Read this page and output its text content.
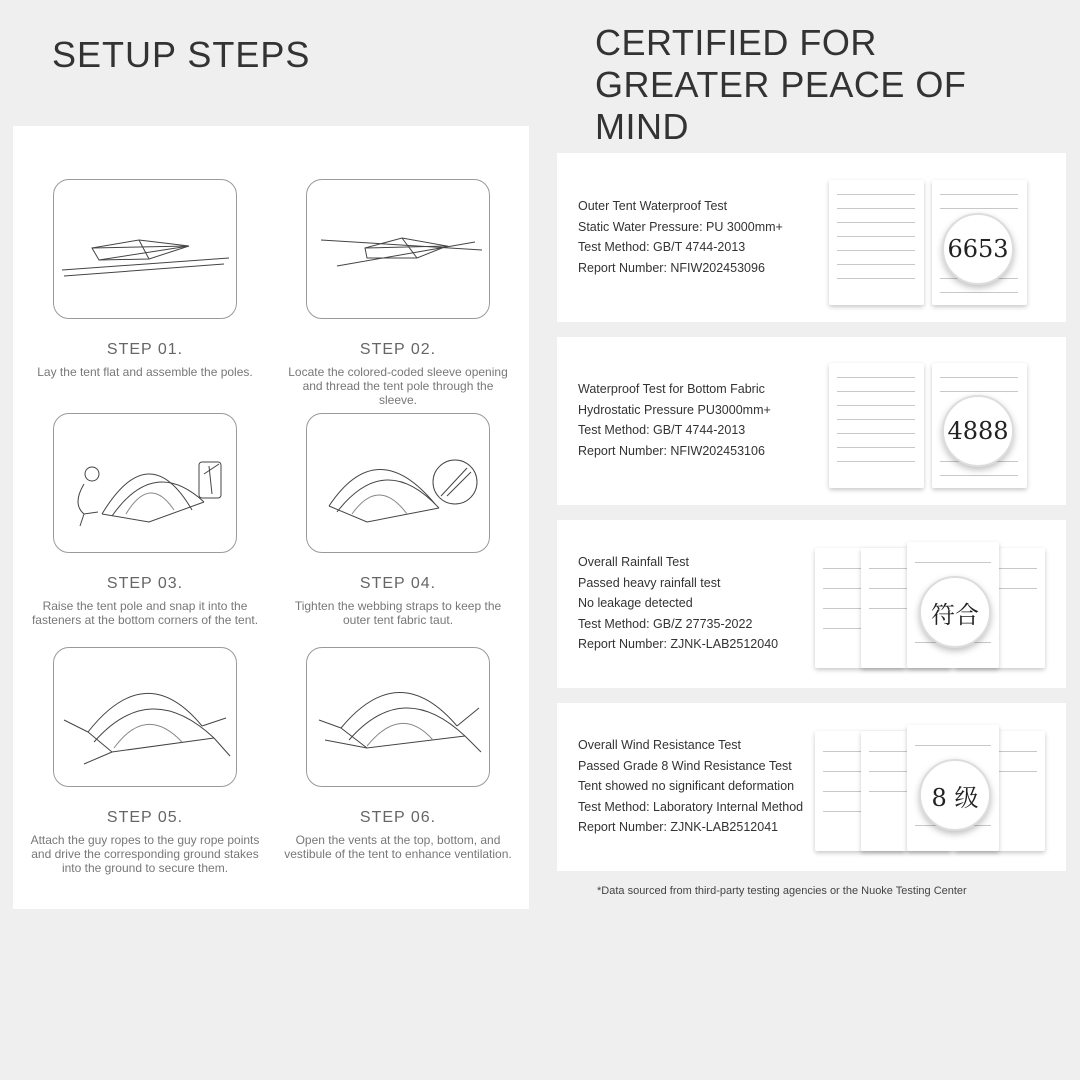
SETUP STEPS	CERTIFIED FOR GREATER PEACE OF MIND
STEP 01.
Lay the tent flat and assemble the poles.
STEP 02.
Locate the colored-coded sleeve opening and thread the tent pole through the sleeve.
STEP 03.
Raise the tent pole and snap it into the fasteners at the bottom corners of the tent.
STEP 04.
Tighten the webbing straps to keep the outer tent fabric taut.
STEP 05.
Attach the guy ropes to the guy rope points and drive the corresponding ground stakes into the ground to secure them.
STEP 06.
Open the vents at the top, bottom, and vestibule of the tent to enhance ventilation.
Outer Tent Waterproof Test
Static Water Pressure: PU 3000mm+
Test Method: GB/T 4744-2013
Report Number: NFIW202453096
6653
Waterproof Test for Bottom Fabric
Hydrostatic Pressure PU3000mm+
Test Method: GB/T 4744-2013
Report Number: NFIW202453106
4888
Overall Rainfall Test
Passed heavy rainfall test
No leakage detected
Test Method: GB/Z 27735-2022
Report Number: ZJNK-LAB2512040
符合
Overall Wind Resistance Test
Passed Grade 8 Wind Resistance Test
Tent showed no significant deformation
Test Method: Laboratory Internal Method
Report Number: ZJNK-LAB2512041
8 级
*Data sourced from third-party testing agencies or the Nuoke Testing Center
